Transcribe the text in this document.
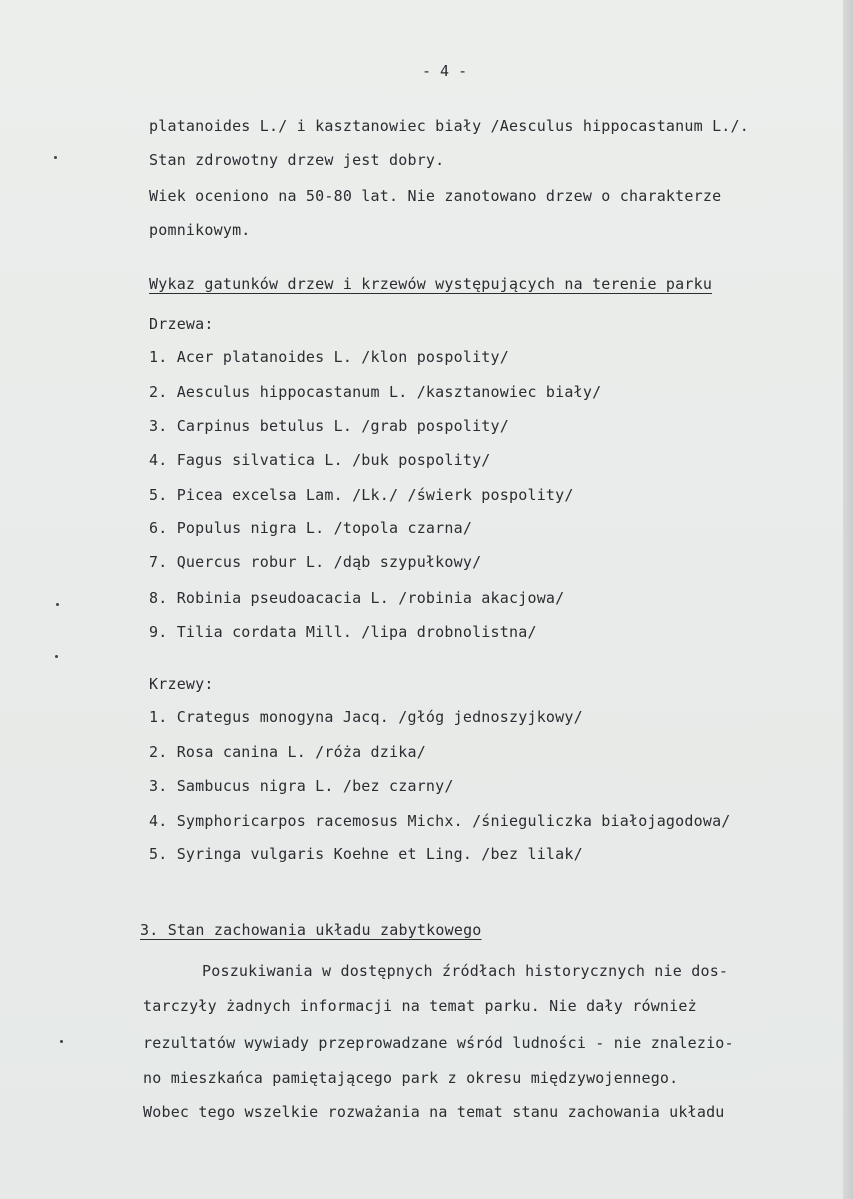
- 4 -
platanoides L./ i kasztanowiec biały /Aesculus hippocastanum L./.
Stan zdrowotny drzew jest dobry.
Wiek oceniono na 50-80 lat. Nie zanotowano drzew o charakterze
pomnikowym.
Wykaz gatunków drzew i krzewów występujących na terenie parku
Drzewa:
1. Acer platanoides L. /klon pospolity/
2. Aesculus hippocastanum L. /kasztanowiec biały/
3. Carpinus betulus L. /grab pospolity/
4. Fagus silvatica L. /buk pospolity/
5. Picea excelsa Lam. /Lk./ /świerk pospolity/
6. Populus nigra L. /topola czarna/
7. Quercus robur L. /dąb szypułkowy/
8. Robinia pseudoacacia L. /robinia akacjowa/
9. Tilia cordata Mill. /lipa drobnolistna/
Krzewy:
1. Crategus monogyna Jacq. /głóg jednoszyjkowy/
2. Rosa canina L. /róża dzika/
3. Sambucus nigra L. /bez czarny/
4. Symphoricarpos racemosus Michx. /śnieguliczka białojagodowa/
5. Syringa vulgaris Koehne et Ling. /bez lilak/
3. Stan zachowania układu zabytkowego
Poszukiwania w dostępnych źródłach historycznych nie dos-
tarczyły żadnych informacji na temat parku. Nie dały również
rezultatów wywiady przeprowadzane wśród ludności - nie znalezio-
no mieszkańca pamiętającego park z okresu międzywojennego.
Wobec tego wszelkie rozważania na temat stanu zachowania układu
